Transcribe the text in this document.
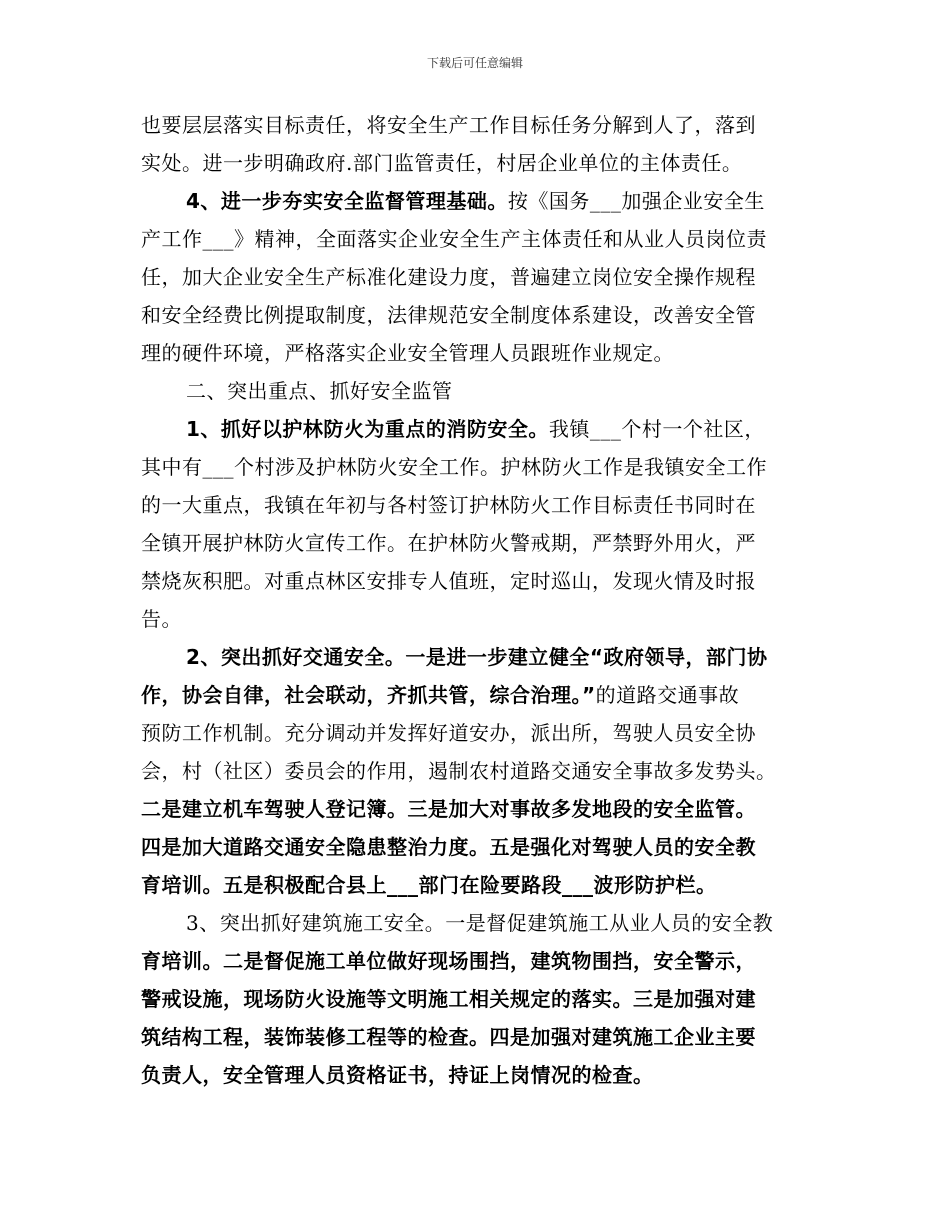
下载后可任意编辑
也要层层落实目标责任，将安全生产工作目标任务分解到人了，落到
实处。进一步明确政府.部门监管责任，村居企业单位的主体责任。
4、进一步夯实安全监督管理基础。按《国务___加强企业安全生
产工作___》精神，全面落实企业安全生产主体责任和从业人员岗位责
任，加大企业安全生产标准化建设力度，普遍建立岗位安全操作规程
和安全经费比例提取制度，法律规范安全制度体系建设，改善安全管
理的硬件环境，严格落实企业安全管理人员跟班作业规定。
二、突出重点、抓好安全监管
1、抓好以护林防火为重点的消防安全。我镇___个村一个社区，
其中有___个村涉及护林防火安全工作。护林防火工作是我镇安全工作
的一大重点，我镇在年初与各村签订护林防火工作目标责任书同时在
全镇开展护林防火宣传工作。在护林防火警戒期，严禁野外用火，严
禁烧灰积肥。对重点林区安排专人值班，定时巡山，发现火情及时报
告。
2、突出抓好交通安全。一是进一步建立健全“政府领导，部门协
作，协会自律，社会联动，齐抓共管，综合治理。”的道路交通事故
预防工作机制。充分调动并发挥好道安办，派出所，驾驶人员安全协
会，村（社区）委员会的作用，遏制农村道路交通安全事故多发势头。
二是建立机车驾驶人登记簿。三是加大对事故多发地段的安全监管。
四是加大道路交通安全隐患整治力度。五是强化对驾驶人员的安全教
育培训。五是积极配合县上___部门在险要路段___波形防护栏。
3、突出抓好建筑施工安全。一是督促建筑施工从业人员的安全教
育培训。二是督促施工单位做好现场围挡，建筑物围挡，安全警示，
警戒设施，现场防火设施等文明施工相关规定的落实。三是加强对建
筑结构工程，装饰装修工程等的检查。四是加强对建筑施工企业主要
负责人，安全管理人员资格证书，持证上岗情况的检查。
